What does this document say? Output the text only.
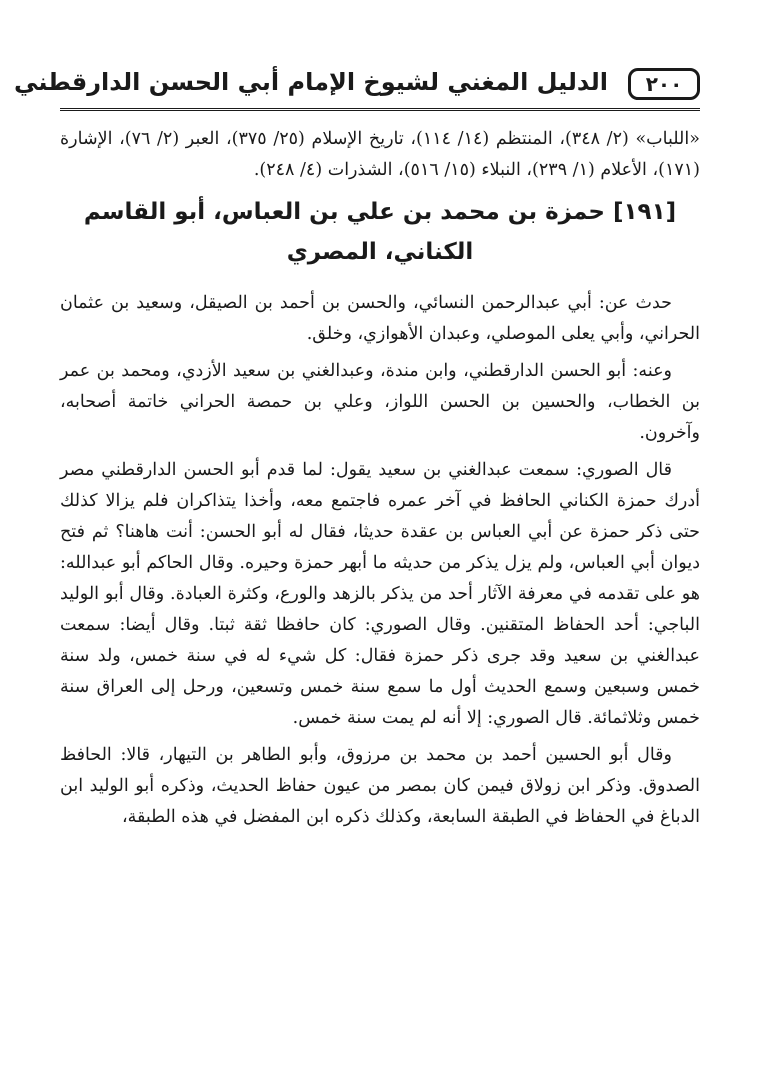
٢٠٠
الدليل المغني لشيوخ الإمام أبي الحسن الدارقطني

«اللباب» (٢/ ٣٤٨)، المنتظم (١٤/ ١١٤)، تاريخ الإسلام (٢٥/ ٣٧٥)، العبر (٢/ ٧٦)، الإشارة (١٧١)، الأعلام (١/ ٢٣٩)، النبلاء (١٥/ ٥١٦)، الشذرات (٤/ ٢٤٨).

[١٩١] حمزة بن محمد بن علي بن العباس، أبو القاسم الكناني، المصري

حدث عن: أبي عبدالرحمن النسائي، والحسن بن أحمد بن الصيقل، وسعيد بن عثمان الحراني، وأبي يعلى الموصلي، وعبدان الأهوازي، وخلق.

وعنه: أبو الحسن الدارقطني، وابن مندة، وعبدالغني بن سعيد الأزدي، ومحمد بن عمر بن الخطاب، والحسين بن الحسن اللواز، وعلي بن حمصة الحراني خاتمة أصحابه، وآخرون.

قال الصوري: سمعت عبدالغني بن سعيد يقول: لما قدم أبو الحسن الدارقطني مصر أدرك حمزة الكناني الحافظ في آخر عمره فاجتمع معه، وأخذا يتذاكران فلم يزالا كذلك حتى ذكر حمزة عن أبي العباس بن عقدة حديثا، فقال له أبو الحسن: أنت هاهنا؟ ثم فتح ديوان أبي العباس، ولم يزل يذكر من حديثه ما أبهر حمزة وحيره. وقال الحاكم أبو عبدالله: هو على تقدمه في معرفة الآثار أحد من يذكر بالزهد والورع، وكثرة العبادة. وقال أبو الوليد الباجي: أحد الحفاظ المتقنين. وقال الصوري: كان حافظا ثقة ثبتا. وقال أيضا: سمعت عبدالغني بن سعيد وقد جرى ذكر حمزة فقال: كل شيء له في سنة خمس، ولد سنة خمس وسبعين وسمع الحديث أول ما سمع سنة خمس وتسعين، ورحل إلى العراق سنة خمس وثلاثمائة. قال الصوري: إلا أنه لم يمت سنة خمس.

وقال أبو الحسين أحمد بن محمد بن مرزوق، وأبو الطاهر بن التيهار، قالا: الحافظ الصدوق. وذكر ابن زولاق فيمن كان بمصر من عيون حفاظ الحديث، وذكره أبو الوليد ابن الدباغ في الحفاظ في الطبقة السابعة، وكذلك ذكره ابن المفضل في هذه الطبقة،
